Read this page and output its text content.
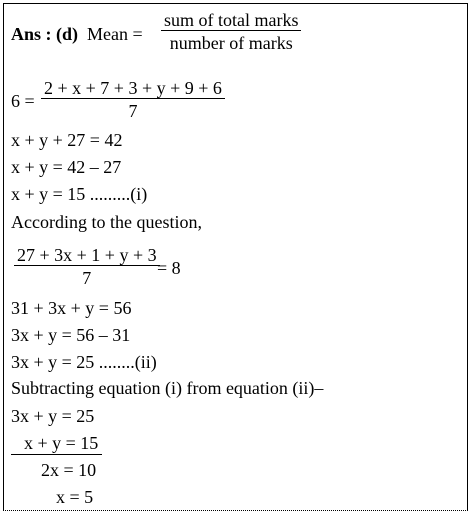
Ans : (d) Mean =
sum of total marks
number of marks
6 =
2 + x + 7 + 3 + y + 9 + 6
7
x + y + 27 = 42
x + y = 42 – 27
x + y = 15 .........(i)
According to the question,
27 + 3x + 1 + y + 3
7	= 8
31 + 3x + y = 56
3x + y = 56 – 31
3x + y = 25 ........(ii)
Subtracting equation (i) from equation (ii)–
3x + y = 25
x + y = 15
2x = 10
x = 5
